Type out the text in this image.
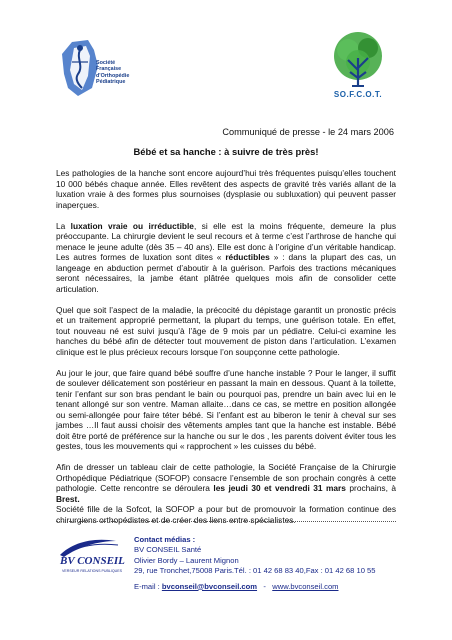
Société
Française
d'Orthopédie
Pédiatrique
SO.F.C.O.T.
Communiqué de presse - le 24 mars 2006
Bébé et sa hanche : à suivre de très près!

Les pathologies de la hanche sont encore aujourd’hui très fréquentes puisqu’elles touchent 10 000 bébés chaque année. Elles revêtent des aspects de gravité très variés allant de la luxation vraie à des formes plus sournoises (dysplasie ou subluxation) qui peuvent passer inaperçues.

La luxation vraie ou irréductible, si elle est la moins fréquente, demeure la plus préoccupante. La chirurgie devient le seul recours et à terme c’est l’arthrose de hanche qui menace le jeune adulte (dès 35 – 40 ans). Elle est donc à l’origine d’un véritable handicap. Les autres formes de luxation sont dites « réductibles » : dans la plupart des cas, un langeage en abduction permet d’aboutir à la guérison. Parfois des tractions mécaniques seront nécessaires, la jambe étant plâtrée quelques mois afin de consolider cette articulation.

Quel que soit l’aspect de la maladie, la précocité du dépistage garantit un pronostic précis et un traitement approprié permettant, la plupart du temps, une guérison totale. En effet, tout nouveau né est suivi jusqu’à l’âge de 9 mois par un pédiatre. Celui-ci examine les hanches du bébé afin de détecter tout mouvement de piston dans l’articulation. L’examen clinique est le plus précieux recours lorsque l’on soupçonne cette pathologie.

Au jour le jour, que faire quand bébé souffre d’une hanche instable ? Pour le langer, il suffit de soulever délicatement son postérieur en passant la main en dessous. Quant à la toilette, tenir l’enfant sur son bras pendant le bain ou pourquoi pas, prendre un bain avec lui en le tenant allongé sur son ventre. Maman allaite…dans ce cas, se mettre en position allongée ou semi-allongée pour faire téter bébé. Si l’enfant est au biberon le tenir à cheval sur ses jambes …Il faut aussi choisir des vêtements amples tant que la hanche est instable. Bébé doit être porté de préférence sur la hanche ou sur le dos , les parents doivent éviter tous les gestes, tous les mouvements qui « rapprochent » les cuisses du bébé.

Afin de dresser un tableau clair de cette pathologie, la Société Française de la Chirurgie Orthopédique Pédiatrique (SOFOP) consacre l’ensemble de son prochain congrès à cette pathologie. Cette rencontre se déroulera les jeudi 30 et vendredi 31 mars prochains, à Brest.
Société fille de la Sofcot, la SOFOP a pour but de promouvoir la formation continue des chirurgiens orthopédistes et de créer des liens entre spécialistes.

BV CONSEIL
VERSEUR RELATIONS PUBLIQUES
Contact médias :
BV CONSEIL Santé
Olivier Bordy – Laurent Mignon
29, rue Tronchet,75008 Paris.Tél. : 01 42 68 83 40,Fax : 01 42 68 10 55
E-mail : bvconseil@bvconseil.com   -   www.bvconseil.com
